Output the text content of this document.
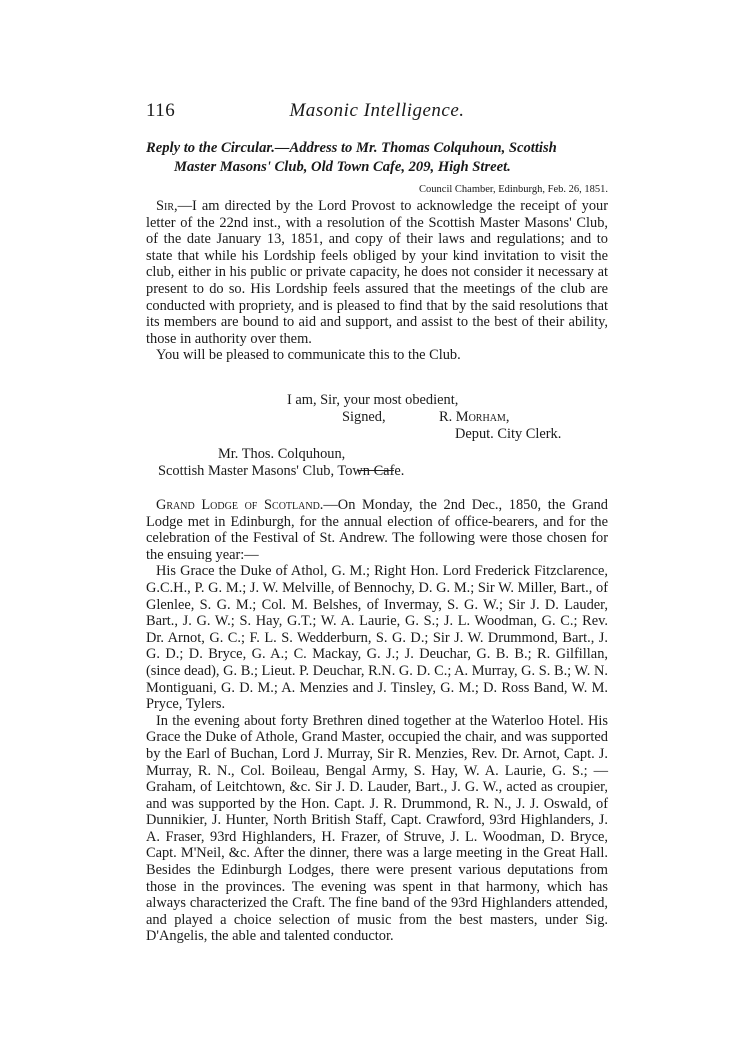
116	Masonic Intelligence.
Reply to the Circular.—Address to Mr. Thomas Colquhoun, Scottish
Master Masons' Club, Old Town Cafe, 209, High Street.
Council Chamber, Edinburgh, Feb. 26, 1851.

Sir,—I am directed by the Lord Provost to acknowledge the receipt of your letter of the 22nd inst., with a resolution of the Scottish Master Masons' Club, of the date January 13, 1851, and copy of their laws and regulations; and to state that while his Lordship feels obliged by your kind invitation to visit the club, either in his public or private capacity, he does not consider it necessary at present to do so. His Lordship feels assured that the meetings of the club are conducted with propriety, and is pleased to find that by the said resolutions that its members are bound to aid and support, and assist to the best of their ability, those in authority over them.

You will be pleased to communicate this to the Club.

I am, Sir, your most obedient,
Signed,	R. Morham,
Deput. City Clerk.
Mr. Thos. Colquhoun,
Scottish Master Masons' Club, Town Cafe.

Grand Lodge of Scotland.—On Monday, the 2nd Dec., 1850, the Grand Lodge met in Edinburgh, for the annual election of office-bearers, and for the celebration of the Festival of St. Andrew. The following were those chosen for the ensuing year:—

His Grace the Duke of Athol, G. M.; Right Hon. Lord Frederick Fitzclarence, G.C.H., P. G. M.; J. W. Melville, of Bennochy, D. G. M.; Sir W. Miller, Bart., of Glenlee, S. G. M.; Col. M. Belshes, of Invermay, S. G. W.; Sir J. D. Lauder, Bart., J. G. W.; S. Hay, G.T.; W. A. Laurie, G. S.; J. L. Woodman, G. C.; Rev. Dr. Arnot, G. C.; F. L. S. Wedderburn, S. G. D.; Sir J. W. Drummond, Bart., J. G. D.; D. Bryce, G. A.; C. Mackay, G. J.; J. Deuchar, G. B. B.; R. Gilfillan, (since dead), G. B.; Lieut. P. Deuchar, R.N. G. D. C.; A. Murray, G. S. B.; W. N. Montiguani, G. D. M.; A. Menzies and J. Tinsley, G. M.; D. Ross Band, W. M. Pryce, Tylers.

In the evening about forty Brethren dined together at the Waterloo Hotel. His Grace the Duke of Athole, Grand Master, occupied the chair, and was supported by the Earl of Buchan, Lord J. Murray, Sir R. Menzies, Rev. Dr. Arnot, Capt. J. Murray, R. N., Col. Boileau, Bengal Army, S. Hay, W. A. Laurie, G. S.; — Graham, of Leitchtown, &c. Sir J. D. Lauder, Bart., J. G. W., acted as croupier, and was supported by the Hon. Capt. J. R. Drummond, R. N., J. J. Oswald, of Dunnikier, J. Hunter, North British Staff, Capt. Crawford, 93rd Highlanders, J. A. Fraser, 93rd Highlanders, H. Frazer, of Struve, J. L. Woodman, D. Bryce, Capt. M'Neil, &c. After the dinner, there was a large meeting in the Great Hall. Besides the Edinburgh Lodges, there were present various deputations from those in the provinces. The evening was spent in that harmony, which has always characterized the Craft. The fine band of the 93rd Highlanders attended, and played a choice selection of music from the best masters, under Sig. D'Angelis, the able and talented conductor.
